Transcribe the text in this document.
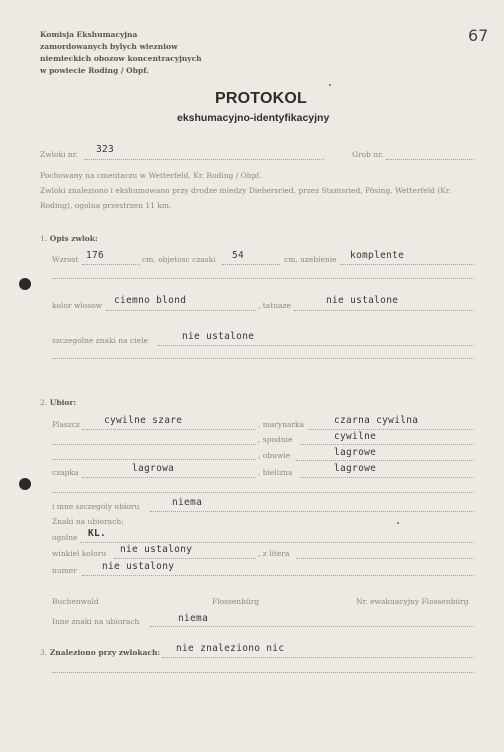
Komisja Ekshumacyjna
zamordowanych bylych wiezniow
niemieckich obozow koncentracyjnych
w powiecie Roding / Obpf.
67
PROTOKOL
ekshumacyjno-identyfikacyjny
Zwloki nr. 323	Grob nr.
Pochowany na cmentarzu w Wetterfeld, Kr. Roding / Obpf.
Zwloki znaleziono i ekshumowano przy drodze miedzy Diebersried, przez Stamsried, Pösing, Wetterfeld (Kr.
Roding), ogolna przestrzen 11 km.
1. Opis zwlok:
Wzrost 176	cm, objetosc czaski 54	cm, uzebienie komplente
kolor wlosow ciemno blond	, tatuaze	nie ustalone
szczegolne znaki na ciele	nie ustalone
2. Ubior:
Plaszcz	cywilne szare	, marynarka	czarna cywilna
, spodnie	cywilne
, obuwie	lagrowe
czapka	lagrowa	, bielizna	lagrowe
i inne szczegoly ubioru	niema
Znaki na ubiorach:
ogolne KL.
winkiel koloru nie ustalony	, z litera
numer	nie ustalony
Buchenwald	Flossenbürg	Nr. ewakuacyjny Flossenbürg
Inne znaki na ubiorach	niema
3. Znaleziono przy zwlokach: nie znaleziono nic
